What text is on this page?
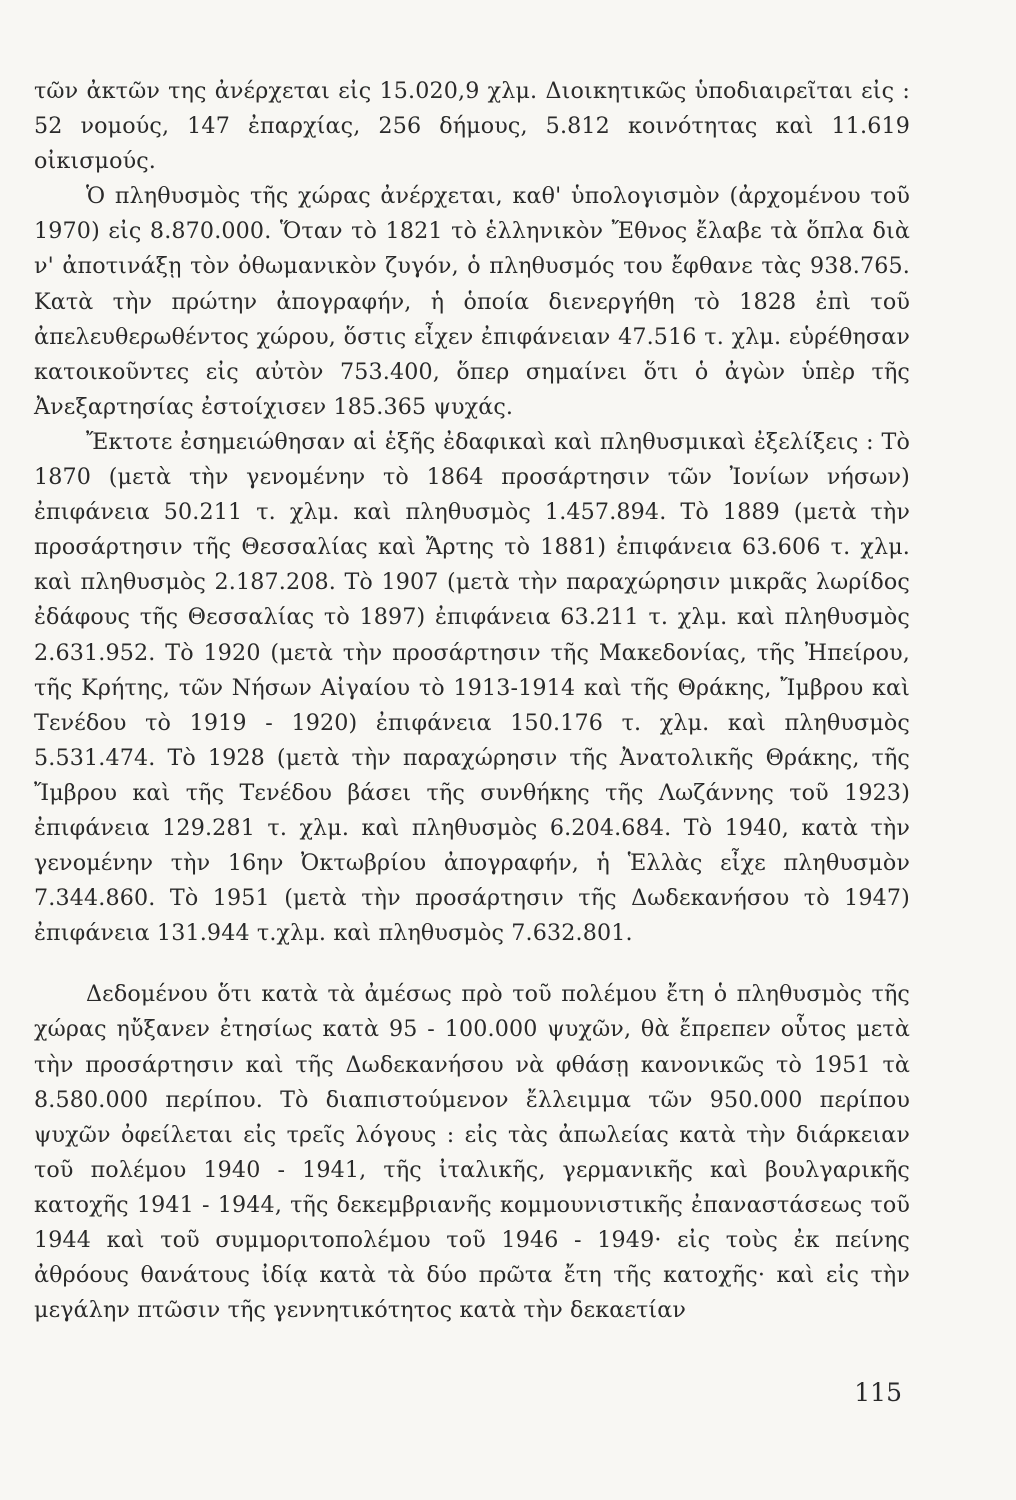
τῶν ἀκτῶν της ἀνέρχεται εἰς 15.020,9 χλμ. Διοικητικῶς ὑποδιαιρεῖται εἰς : 52 νομούς, 147 ἐπαρχίας, 256 δήμους, 5.812 κοινότητας καὶ 11.619 οἰκισμούς.

Ὁ πληθυσμὸς τῆς χώρας ἀνέρχεται, καθ' ὑπολογισμὸν (ἀρχομένου τοῦ 1970) εἰς 8.870.000. Ὅταν τὸ 1821 τὸ ἑλληνικὸν Ἔθνος ἔλαβε τὰ ὅπλα διὰ ν' ἀποτινάξῃ τὸν ὀθωμανικὸν ζυγόν, ὁ πληθυσμός του ἔφθανε τὰς 938.765. Κατὰ τὴν πρώτην ἀπογραφήν, ἡ ὁποία διενεργήθη τὸ 1828 ἐπὶ τοῦ ἀπελευθερωθέντος χώρου, ὅστις εἶχεν ἐπιφάνειαν 47.516 τ. χλμ. εὑρέθησαν κατοικοῦντες εἰς αὐτὸν 753.400, ὅπερ σημαίνει ὅτι ὁ ἀγὼν ὑπὲρ τῆς Ἀνεξαρτησίας ἐστοίχισεν 185.365 ψυχάς.

Ἔκτοτε ἐσημειώθησαν αἱ ἑξῆς ἐδαφικαὶ καὶ πληθυσμικαὶ ἐξελίξεις : Τὸ 1870 (μετὰ τὴν γενομένην τὸ 1864 προσάρτησιν τῶν Ἰονίων νήσων) ἐπιφάνεια 50.211 τ. χλμ. καὶ πληθυσμὸς 1.457.894. Τὸ 1889 (μετὰ τὴν προσάρτησιν τῆς Θεσσαλίας καὶ Ἄρτης τὸ 1881) ἐπιφάνεια 63.606 τ. χλμ. καὶ πληθυσμὸς 2.187.208. Τὸ 1907 (μετὰ τὴν παραχώρησιν μικρᾶς λωρίδος ἐδάφους τῆς Θεσσαλίας τὸ 1897) ἐπιφάνεια 63.211 τ. χλμ. καὶ πληθυσμὸς 2.631.952. Τὸ 1920 (μετὰ τὴν προσάρτησιν τῆς Μακεδονίας, τῆς Ἠπείρου, τῆς Κρήτης, τῶν Νήσων Αἰγαίου τὸ 1913-1914 καὶ τῆς Θράκης, Ἴμβρου καὶ Τενέδου τὸ 1919 - 1920) ἐπιφάνεια 150.176 τ. χλμ. καὶ πληθυσμὸς 5.531.474. Τὸ 1928 (μετὰ τὴν παραχώρησιν τῆς Ἀνατολικῆς Θράκης, τῆς Ἴμβρου καὶ τῆς Τενέδου βάσει τῆς συνθήκης τῆς Λωζάννης τοῦ 1923) ἐπιφάνεια 129.281 τ. χλμ. καὶ πληθυσμὸς 6.204.684. Τὸ 1940, κατὰ τὴν γενομένην τὴν 16ην Ὀκτωβρίου ἀπογραφήν, ἡ Ἑλλὰς εἶχε πληθυσμὸν 7.344.860. Τὸ 1951 (μετὰ τὴν προσάρτησιν τῆς Δωδεκανήσου τὸ 1947) ἐπιφάνεια 131.944 τ.χλμ. καὶ πληθυσμὸς 7.632.801.

Δεδομένου ὅτι κατὰ τὰ ἀμέσως πρὸ τοῦ πολέμου ἔτη ὁ πληθυσμὸς τῆς χώρας ηὔξανεν ἐτησίως κατὰ 95 - 100.000 ψυχῶν, θὰ ἔπρεπεν οὗτος μετὰ τὴν προσάρτησιν καὶ τῆς Δωδεκανήσου νὰ φθάσῃ κανονικῶς τὸ 1951 τὰ 8.580.000 περίπου. Τὸ διαπιστούμενον ἔλλειμμα τῶν 950.000 περίπου ψυχῶν ὀφείλεται εἰς τρεῖς λόγους : εἰς τὰς ἀπωλείας κατὰ τὴν διάρκειαν τοῦ πολέμου 1940 - 1941, τῆς ἰταλικῆς, γερμανικῆς καὶ βουλγαρικῆς κατοχῆς 1941 - 1944, τῆς δεκεμβριανῆς κομμουνιστικῆς ἐπαναστάσεως τοῦ 1944 καὶ τοῦ συμμοριτοπολέμου τοῦ 1946 - 1949· εἰς τοὺς ἐκ πείνης ἀθρόους θανάτους ἰδίᾳ κατὰ τὰ δύο πρῶτα ἔτη τῆς κατοχῆς· καὶ εἰς τὴν μεγάλην πτῶσιν τῆς γεννητικότητος κατὰ τὴν δεκαετίαν

115
